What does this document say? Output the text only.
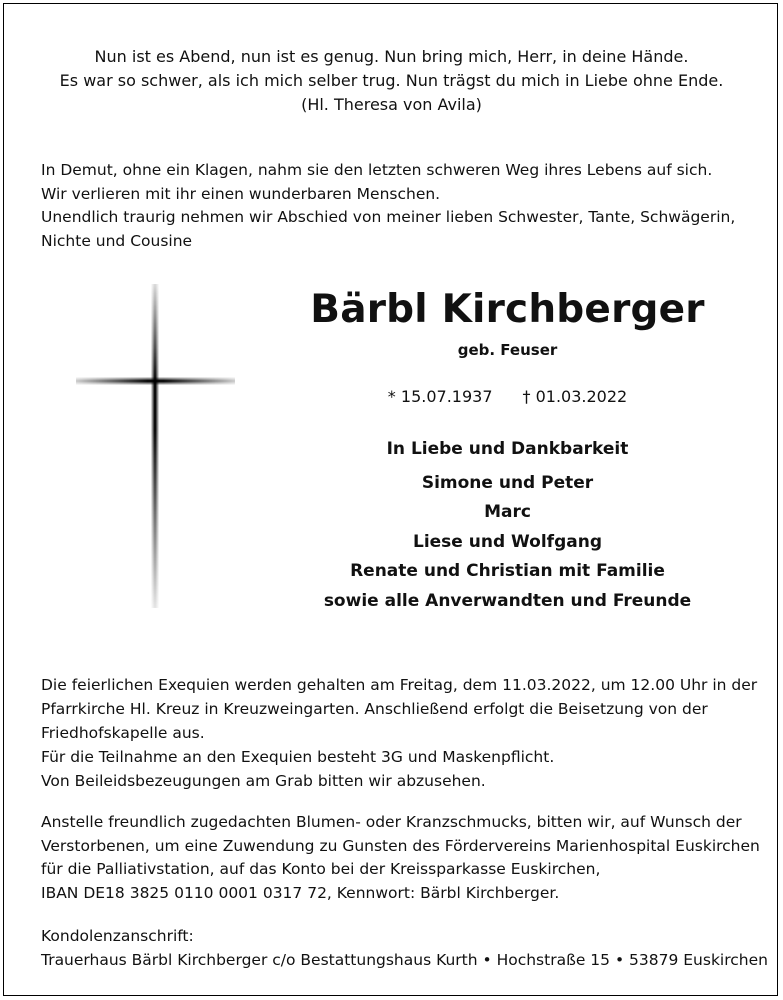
Nun ist es Abend, nun ist es genug. Nun bring mich, Herr, in deine Hände.
Es war so schwer, als ich mich selber trug. Nun trägst du mich in Liebe ohne Ende.
(Hl. Theresa von Avila)
In Demut, ohne ein Klagen, nahm sie den letzten schweren Weg ihres Lebens auf sich.
Wir verlieren mit ihr einen wunderbaren Menschen.
Unendlich traurig nehmen wir Abschied von meiner lieben Schwester, Tante, Schwägerin,
Nichte und Cousine
Bärbl Kirchberger
geb. Feuser
* 15.07.1937 † 01.03.2022
In Liebe und Dankbarkeit
Simone und Peter
Marc
Liese und Wolfgang
Renate und Christian mit Familie
sowie alle Anverwandten und Freunde
Die feierlichen Exequien werden gehalten am Freitag, dem 11.03.2022, um 12.00 Uhr in der
Pfarrkirche Hl. Kreuz in Kreuzweingarten. Anschließend erfolgt die Beisetzung von der
Friedhofskapelle aus.
Für die Teilnahme an den Exequien besteht 3G und Maskenpflicht.
Von Beileidsbezeugungen am Grab bitten wir abzusehen.
Anstelle freundlich zugedachten Blumen- oder Kranzschmucks, bitten wir, auf Wunsch der
Verstorbenen, um eine Zuwendung zu Gunsten des Fördervereins Marienhospital Euskirchen
für die Palliativstation, auf das Konto bei der Kreissparkasse Euskirchen,
IBAN DE18 3825 0110 0001 0317 72, Kennwort: Bärbl Kirchberger.
Kondolenzanschrift:
Trauerhaus Bärbl Kirchberger c/o Bestattungshaus Kurth • Hochstraße 15 • 53879 Euskirchen
